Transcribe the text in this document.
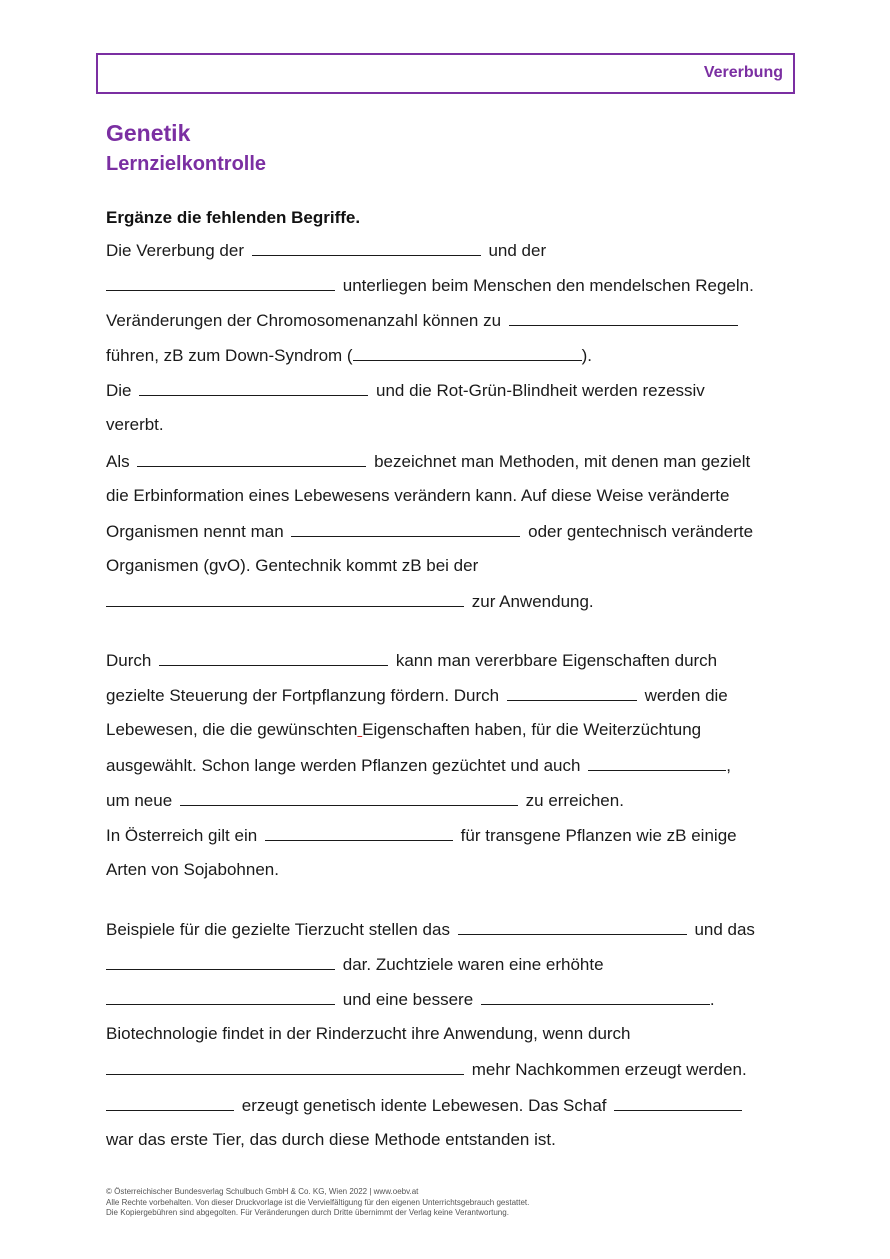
Vererbung
Genetik
Lernzielkontrolle
Ergänze die fehlenden Begriffe.
Die Vererbung der	und der
unterliegen beim Menschen den mendelschen Regeln.
Veränderungen der Chromosomenanzahl können zu
führen, zB zum Down-Syndrom (	).
Die	und die Rot-Grün-Blindheit werden rezessiv
vererbt.
Als	bezeichnet man Methoden, mit denen man gezielt
die Erbinformation eines Lebewesens verändern kann. Auf diese Weise veränderte
Organismen nennt man	oder gentechnisch veränderte
Organismen (gvO). Gentechnik kommt zB bei der
zur Anwendung.
Durch	kann man vererbbare Eigenschaften durch
gezielte Steuerung der Fortpflanzung fördern. Durch	werden die
Lebewesen, die die gewünschten Eigenschaften haben, für die Weiterzüchtung
ausgewählt. Schon lange werden Pflanzen gezüchtet und auch	,
um neue	zu erreichen.
In Österreich gilt ein	für transgene Pflanzen wie zB einige
Arten von Sojabohnen.
Beispiele für die gezielte Tierzucht stellen das	und das
dar. Zuchtziele waren eine erhöhte
und eine bessere	.
Biotechnologie findet in der Rinderzucht ihre Anwendung, wenn durch
mehr Nachkommen erzeugt werden.
erzeugt genetisch idente Lebewesen. Das Schaf
war das erste Tier, das durch diese Methode entstanden ist.
© Österreichischer Bundesverlag Schulbuch GmbH & Co. KG, Wien 2022 | www.oebv.at
Alle Rechte vorbehalten. Von dieser Druckvorlage ist die Vervielfältigung für den eigenen Unterrichtsgebrauch gestattet.
Die Kopiergebühren sind abgegolten. Für Veränderungen durch Dritte übernimmt der Verlag keine Verantwortung.
